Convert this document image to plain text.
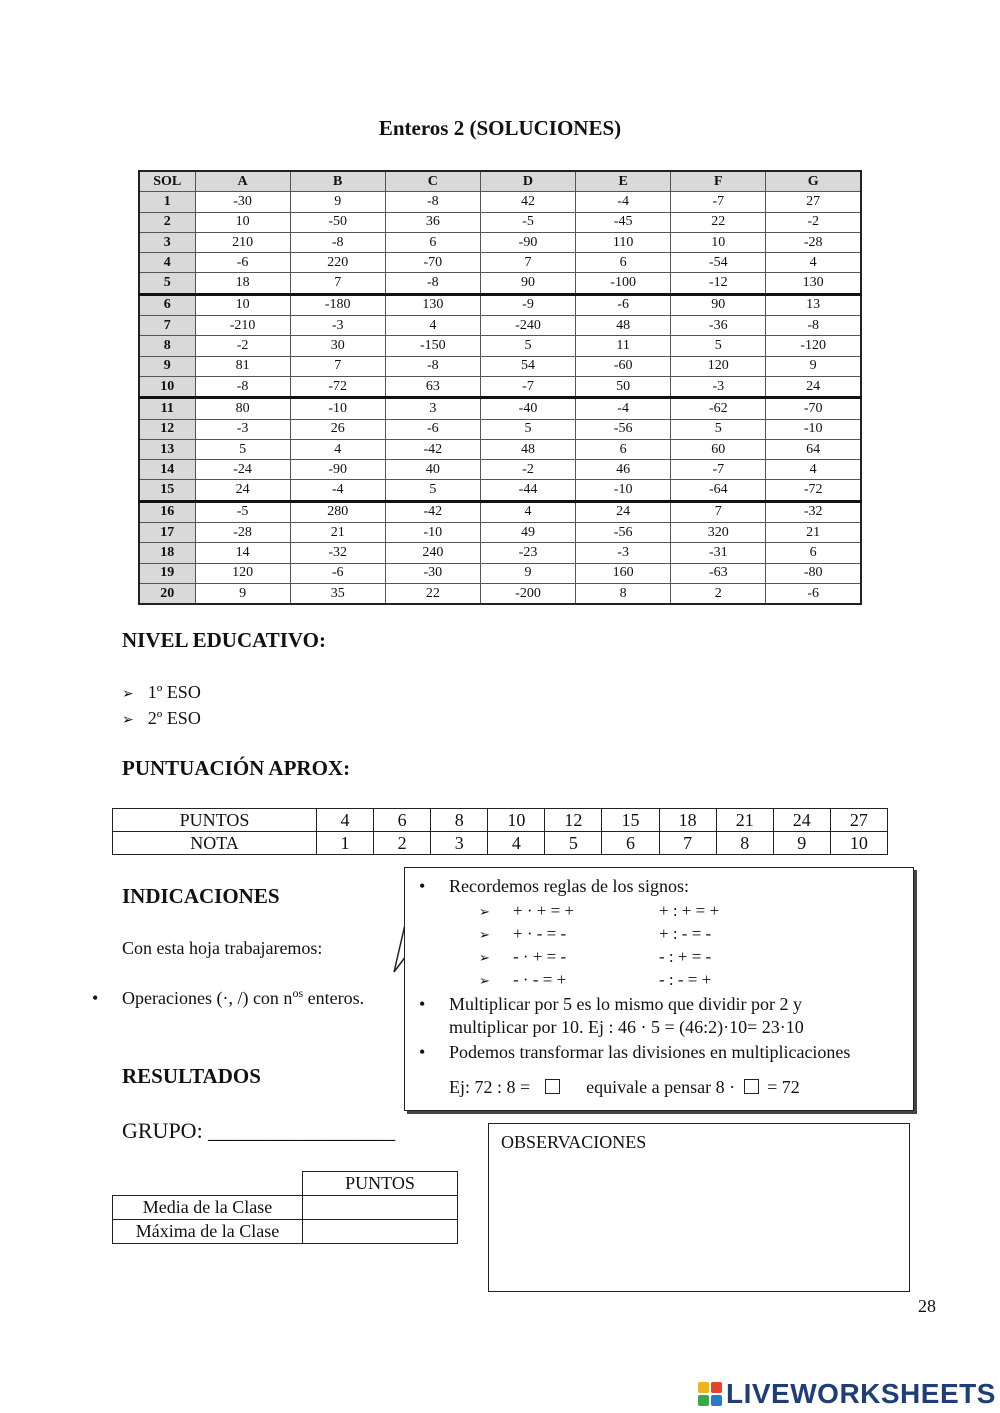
Enteros 2 (SOLUCIONES)
SOL	A	B	C	D	E	F	G
1	-30	9	-8	42	-4	-7	27
2	10	-50	36	-5	-45	22	-2
3	210	-8	6	-90	110	10	-28
4	-6	220	-70	7	6	-54	4
5	18	7	-8	90	-100	-12	130
6	10	-180	130	-9	-6	90	13
7	-210	-3	4	-240	48	-36	-8
8	-2	30	-150	5	11	5	-120
9	81	7	-8	54	-60	120	9
10	-8	-72	63	-7	50	-3	24
11	80	-10	3	-40	-4	-62	-70
12	-3	26	-6	5	-56	5	-10
13	5	4	-42	48	6	60	64
14	-24	-90	40	-2	46	-7	4
15	24	-4	5	-44	-10	-64	-72
16	-5	280	-42	4	24	7	-32
17	-28	21	-10	49	-56	320	21
18	14	-32	240	-23	-3	-31	6
19	120	-6	-30	9	160	-63	-80
20	9	35	22	-200	8	2	-6
NIVEL EDUCATIVO:
➢ 1º ESO
➢ 2º ESO
PUNTUACIÓN APROX:
PUNTOS	4	6	8	10	12	15	18	21	24	27
NOTA	1	2	3	4	5	6	7	8	9	10
INDICACIONES
Con esta hoja trabajaremos:
• Operaciones (·, /) con $n^{os}$ enteros.
• Recordemos reglas de los signos:
➢ + · + = +	+ : + = +
➢ + · - = -	+ : - = -
➢ - · + = -	- : + = -
➢ - · - = +	- : - = +
• Multiplicar por 5 es lo mismo que dividir por 2 y
multiplicar por 10. Ej : 46 · 5 = (46:2)·10= 23·10
• Podemos transformar las divisiones en multiplicaciones
Ej: 72 : 8 =	equivale a pensar 8 · = 72
RESULTADOS
GRUPO: _________________
	PUNTOS
Media de la Clase	
Máxima de la Clase	
OBSERVACIONES
28
LIVEWORKSHEETS
